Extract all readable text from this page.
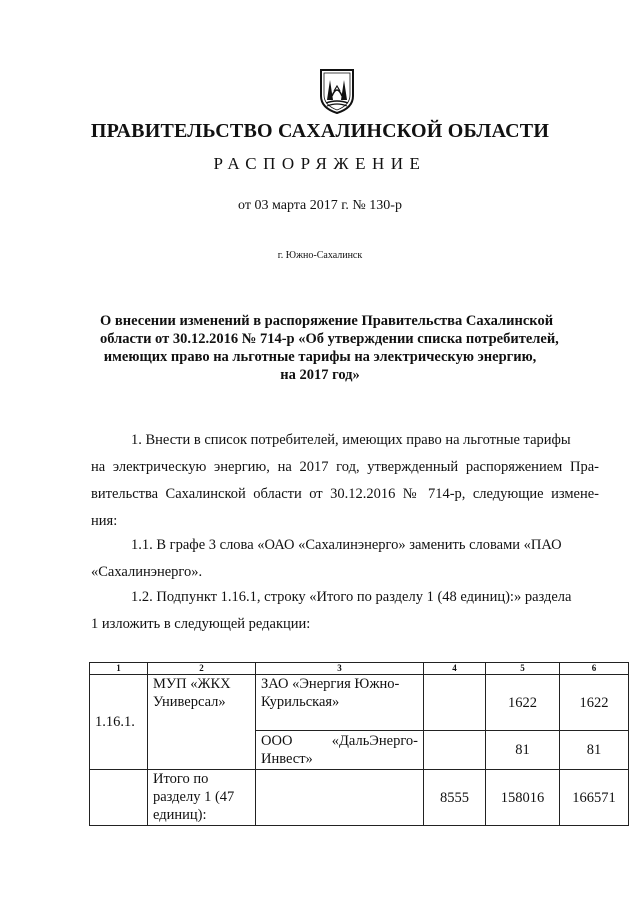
ПРАВИТЕЛЬСТВО САХАЛИНСКОЙ ОБЛАСТИ
РАСПОРЯЖЕНИЕ
от 03 марта 2017 г. № 130-р
г. Южно-Сахалинск
О внесении изменений в распоряжение Правительства Сахалинской
области от 30.12.2016 № 714-р «Об утверждении списка потребителей,
имеющих право на льготные тарифы на электрическую энергию,
на 2017 год»
1. Внести в список потребителей, имеющих право на льготные тарифы
на электрическую энергию, на 2017 год, утвержденный распоряжением Пра-
вительства Сахалинской области от 30.12.2016 № 714-р, следующие измене-
ния:
1.1. В графе 3 слова «ОАО «Сахалинэнерго» заменить словами «ПАО
«Сахалинэнерго».
1.2. Подпункт 1.16.1, строку «Итого по разделу 1 (48 единиц):» раздела
1 изложить в следующей редакции:
1	2	3	4	5	6
1.16.1.	МУП «ЖКХ Универсал»	ЗАО «Энергия Южно-Курильская»		1622	1622
		ООО «ДальЭнерго-Инвест»		81	81
	Итого по разделу 1 (47 единиц):		8555	158016	166571
